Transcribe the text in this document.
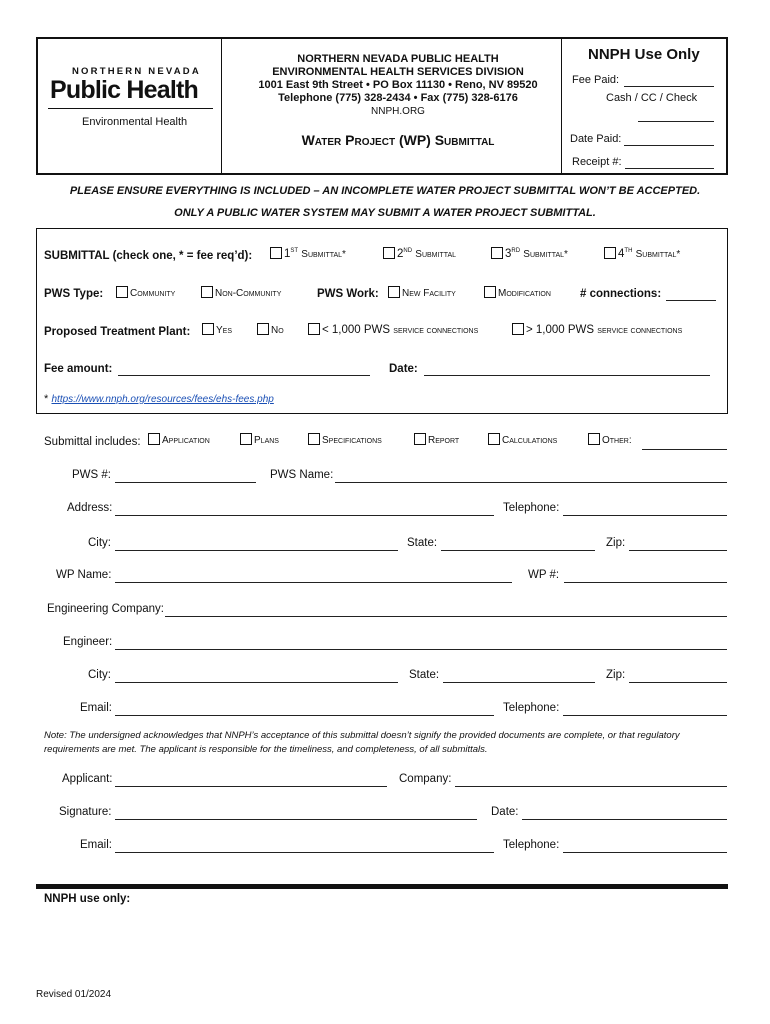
NORTHERN NEVADA
Public Health
Environmental Health
NORTHERN NEVADA PUBLIC HEALTH
ENVIRONMENTAL HEALTH SERVICES DIVISION
1001 East 9th Street • PO Box 11130 • Reno, NV 89520
Telephone (775) 328-2434 • Fax (775) 328-6176
NNPH.ORG
Water Project (WP) Submittal
NNPH Use Only
Fee Paid:
Cash / CC / Check
Date Paid:
Receipt #:
PLEASE ENSURE EVERYTHING IS INCLUDED – AN INCOMPLETE WATER PROJECT SUBMITTAL WON’T BE ACCEPTED.
ONLY A PUBLIC WATER SYSTEM MAY SUBMIT A WATER PROJECT SUBMITTAL.
SUBMITTAL (check one, * = fee req’d):	1ST Submittal*	2ND Submittal	3RD Submittal*	4TH Submittal*
PWS Type:	Community	Non-Community	PWS Work:	New Facility	Modification	# connections:
Proposed Treatment Plant:	Yes	No	< 1,000 PWS service connections	> 1,000 PWS service connections
Fee amount:	Date:
* https://www.nnph.org/resources/fees/ehs-fees.php
Submittal includes:	Application	Plans	Specifications	Report	Calculations	Other:
PWS #:	PWS Name:
Address:	Telephone:
City:	State:	Zip:
WP Name:	WP #:
Engineering Company:
Engineer:
City:	State:	Zip:
Email:	Telephone:
Note: The undersigned acknowledges that NNPH’s acceptance of this submittal doesn’t signify the provided documents are complete, or that regulatory requirements are met. The applicant is responsible for the timeliness, and completeness, of all submittals.
Applicant:	Company:
Signature:	Date:
Email:	Telephone:
NNPH use only:
Revised 01/2024
